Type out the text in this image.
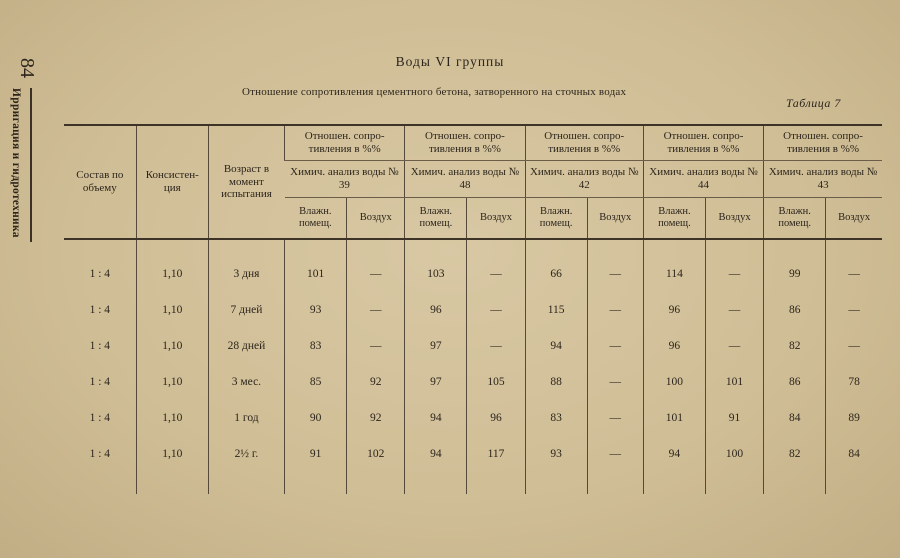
84
Ирригация и гидротехника
Воды VI группы
Отношение сопротивления цементного бетона, затворенного на сточных водах
Таблица 7
Состав по объему	Консистен-ция	Возраст в момент испытания	Отношен. сопро-тивления в %%		Отношен. сопро-тивления в %%		Отношен. сопро-тивления в %%		Отношен. сопро-тивления в %%		Отношен. сопро-тивления в %%	
			Химич. анализ воды № 39		Химич. анализ воды № 48		Химич. анализ воды № 42		Химич. анализ воды № 44		Химич. анализ воды № 43	
			Влажн. помещ.	Воздух	Влажн. помещ.	Воздух	Влажн. помещ.	Воздух	Влажн. помещ.	Воздух	Влажн. помещ.	Воздух

1 : 4	1,10	3 дня	101	—	103	—	66	—	114	—	99	—
1 : 4	1,10	7 дней	93	—	96	—	115	—	96	—	86	—
1 : 4	1,10	28 дней	83	—	97	—	94	—	96	—	82	—
1 : 4	1,10	3 мес.	85	92	97	105	88	—	100	101	86	78
1 : 4	1,10	1 год	90	92	94	96	83	—	101	91	84	89
1 : 4	1,10	2½ г.	91	102	94	117	93	—	94	100	82	84
